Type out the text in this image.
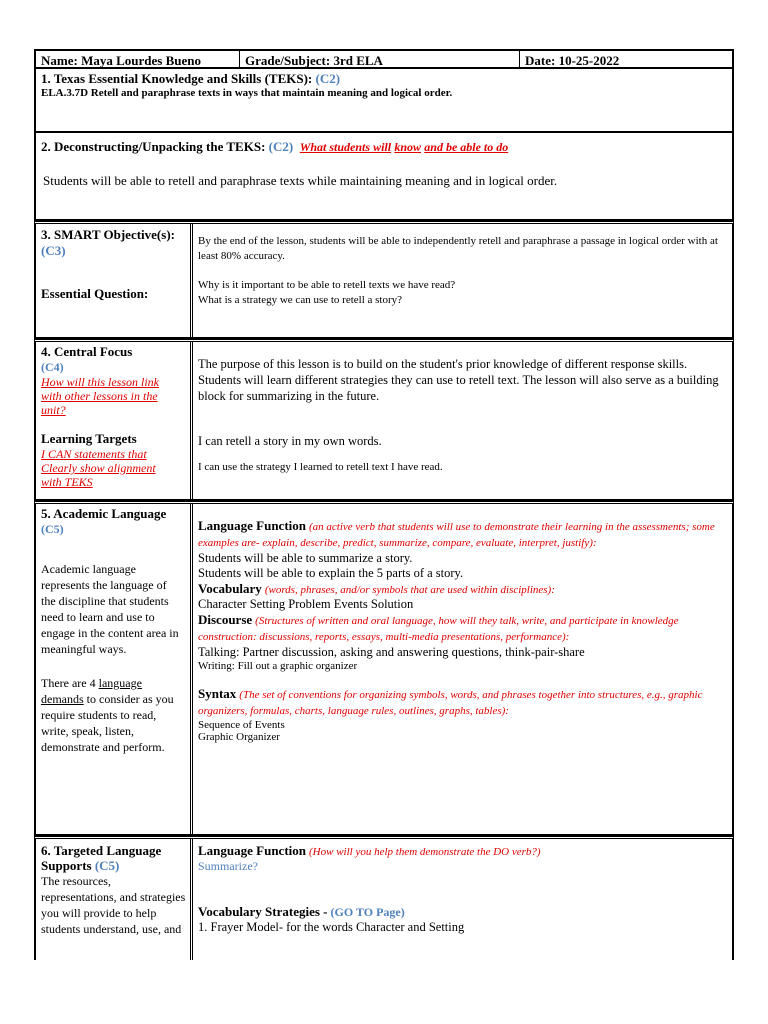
Name: Maya Lourdes Bueno	Grade/Subject: 3rd ELA	Date: 10-25-2022

1. Texas Essential Knowledge and Skills (TEKS): (C2)

ELA.3.7D Retell and paraphrase texts in ways that maintain meaning and logical order.

2. Deconstructing/Unpacking the TEKS: (C2) What students will know and be able to do

Students will be able to retell and paraphrase texts while maintaining meaning and in logical order.

3. SMART Objective(s): (C3)

Essential Question:

By the end of the lesson, students will be able to independently retell and paraphrase a passage in logical order with at least 80% accuracy.

Why is it important to be able to retell texts we have read?

What is a strategy we can use to retell a story?

4. Central Focus

(C4)

How will this lesson link with other lessons in the unit?

Learning Targets

I CAN statements that Clearly show alignment with TEKS

The purpose of this lesson is to build on the student's prior knowledge of different response skills. Students will learn different strategies they can use to retell text. The lesson will also serve as a building block for summarizing in the future.

I can retell a story in my own words.

I can use the strategy I learned to retell text I have read.

5. Academic Language

(C5)

Academic language represents the language of the discipline that students need to learn and use to engage in the content area in meaningful ways.

There are 4 language demands to consider as you require students to read, write, speak, listen, demonstrate and perform.

Language Function (an active verb that students will use to demonstrate their learning in the assessments; some examples are- explain, describe, predict, summarize, compare, evaluate, interpret, justify):

Students will be able to summarize a story.

Students will be able to explain the 5 parts of a story.

Vocabulary (words, phrases, and/or symbols that are used within disciplines):

Character Setting Problem Events Solution

Discourse (Structures of written and oral language, how will they talk, write, and participate in knowledge construction: discussions, reports, essays, multi-media presentations, performance):

Talking: Partner discussion, asking and answering questions, think-pair-share

Writing: Fill out a graphic organizer

Syntax (The set of conventions for organizing symbols, words, and phrases together into structures, e.g., graphic organizers, formulas, charts, language rules, outlines, graphs, tables):

Sequence of Events

Graphic Organizer

6. Targeted Language Supports (C5)

The resources, representations, and strategies you will provide to help students understand, use, and

Language Function (How will you help them demonstrate the DO verb?)

Summarize?

Vocabulary Strategies - (GO TO Page)

1. Frayer Model- for the words Character and Setting
